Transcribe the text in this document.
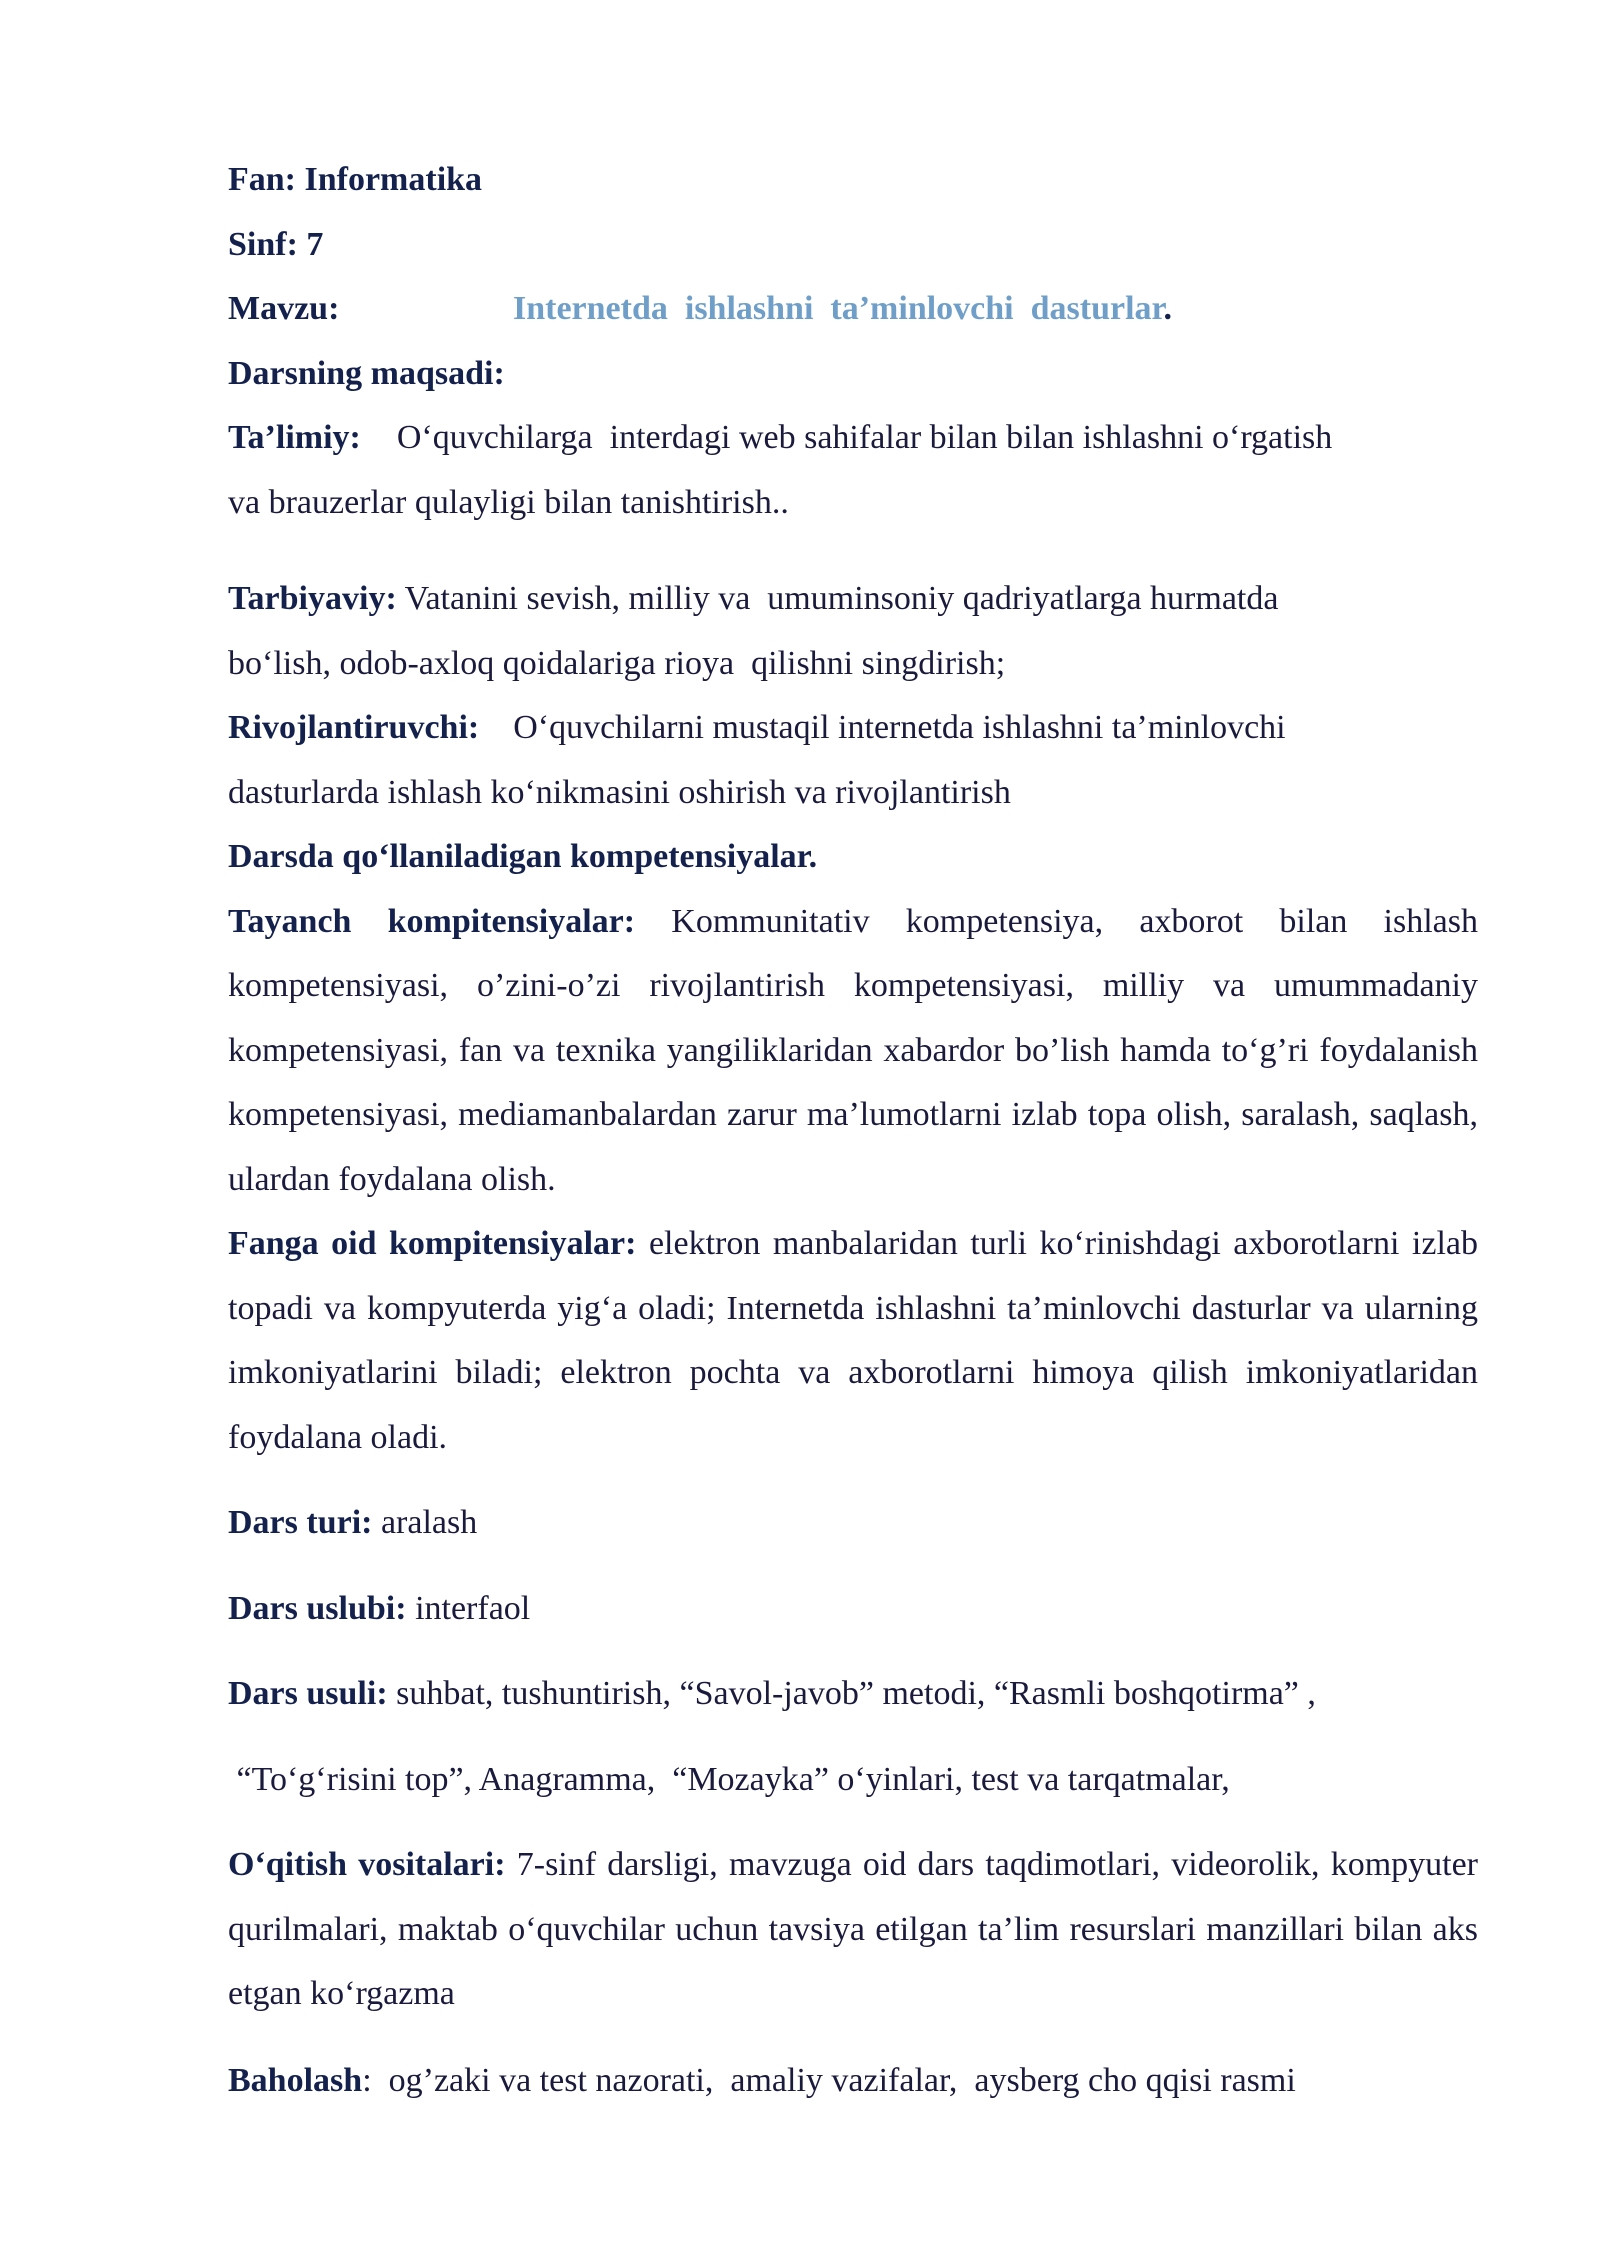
Fan: Informatika
Sinf: 7
Mavzu:	Internetda  ishlashni  ta’minlovchi  dasturlar.
Darsning maqsadi:
Ta’limiy: O‘quvchilarga  interdagi web sahifalar bilan bilan ishlashni o‘rgatish
va brauzerlar qulayligi bilan tanishtirish..
Tarbiyaviy: Vatanini sevish, milliy va  umuminsoniy qadriyatlarga hurmatda
bo‘lish, odob-axloq qoidalariga rioya  qilishni singdirish;
Rivojlantiruvchi: O‘quvchilarni mustaqil internetda ishlashni ta’minlovchi
dasturlarda ishlash ko‘nikmasini oshirish va rivojlantirish
Darsda qo‘llaniladigan kompetensiyalar.

Tayanch kompitensiyalar: Kommunitativ kompetensiya, axborot bilan ishlash kompetensiyasi, o’zini-o’zi rivojlantirish kompetensiyasi, milliy va umummadaniy kompetensiyasi, fan va texnika yangiliklaridan xabardor bo’lish hamda to‘g’ri foydalanish kompetensiyasi, mediamanbalardan zarur ma’lumotlarni izlab topa olish, saralash, saqlash, ulardan foydalana olish.

Fanga oid kompitensiyalar: elektron manbalaridan turli ko‘rinishdagi axborotlarni izlab topadi va kompyuterda yig‘a oladi; Internetda ishlashni ta’minlovchi dasturlar va ularning imkoniyatlarini biladi; elektron pochta va axborotlarni himoya qilish imkoniyatlaridan foydalana oladi.

Dars turi: aralash
Dars uslubi: interfaol
Dars usuli: suhbat, tushuntirish, “Savol-javob” metodi, “Rasmli boshqotirma” ,
“To‘g‘risini top”, Anagramma,  “Mozayka” o‘yinlari, test va tarqatmalar,

O‘qitish vositalari: 7-sinf darsligi, mavzuga oid dars taqdimotlari, videorolik, kompyuter qurilmalari, maktab o‘quvchilar uchun tavsiya etilgan ta’lim resurslari manzillari bilan aks etgan ko‘rgazma

Baholash:  og’zaki va test nazorati,  amaliy vazifalar,  aysberg cho qqisi rasmi
